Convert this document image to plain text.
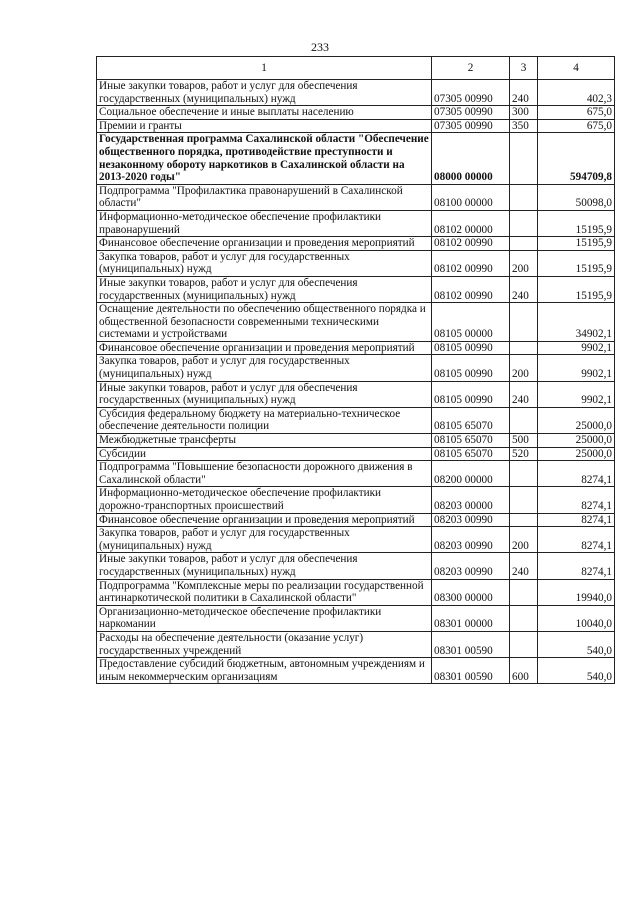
233
1	2	3	4
Иные закупки товаров, работ и услуг для обеспечения государственных (муниципальных) нужд	07305 00990	240	402,3
Социальное обеспечение и иные выплаты населению	07305 00990	300	675,0
Премии и гранты	07305 00990	350	675,0
Государственная программа Сахалинской области "Обеспечение общественного порядка, противодействие преступности и незаконному обороту наркотиков в Сахалинской области на 2013-2020 годы"	08000 00000		594709,8
Подпрограмма "Профилактика правонарушений в Сахалинской области"	08100 00000		50098,0
Информационно-методическое обеспечение профилактики правонарушений	08102 00000		15195,9
Финансовое обеспечение организации и проведения мероприятий	08102 00990		15195,9
Закупка товаров, работ и услуг для государственных (муниципальных) нужд	08102 00990	200	15195,9
Иные закупки товаров, работ и услуг для обеспечения государственных (муниципальных) нужд	08102 00990	240	15195,9
Оснащение деятельности по обеспечению общественного порядка и общественной безопасности современными техническими системами и устройствами	08105 00000		34902,1
Финансовое обеспечение организации и проведения мероприятий	08105 00990		9902,1
Закупка товаров, работ и услуг для государственных (муниципальных) нужд	08105 00990	200	9902,1
Иные закупки товаров, работ и услуг для обеспечения государственных (муниципальных) нужд	08105 00990	240	9902,1
Субсидия федеральному бюджету на материально-техническое обеспечение деятельности полиции	08105 65070		25000,0
Межбюджетные трансферты	08105 65070	500	25000,0
Субсидии	08105 65070	520	25000,0
Подпрограмма "Повышение безопасности дорожного движения в Сахалинской области"	08200 00000		8274,1
Информационно-методическое обеспечение профилактики дорожно-транспортных происшествий	08203 00000		8274,1
Финансовое обеспечение организации и проведения мероприятий	08203 00990		8274,1
Закупка товаров, работ и услуг для государственных (муниципальных) нужд	08203 00990	200	8274,1
Иные закупки товаров, работ и услуг для обеспечения государственных (муниципальных) нужд	08203 00990	240	8274,1
Подпрограмма "Комплексные меры по реализации государственной антинаркотической политики в Сахалинской области"	08300 00000		19940,0
Организационно-методическое обеспечение профилактики наркомании	08301 00000		10040,0
Расходы на обеспечение деятельности (оказание услуг) государственных учреждений	08301 00590		540,0
Предоставление субсидий бюджетным, автономным учреждениям и иным некоммерческим организациям	08301 00590	600	540,0
